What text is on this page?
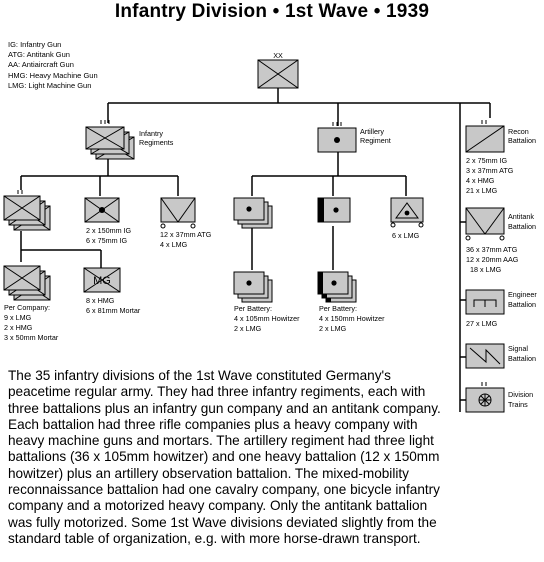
Infantry Division • 1st Wave • 1939
IG: Infantry Gun
ATG: Antitank Gun
AA: Antiaircraft Gun
HMG: Heavy Machine Gun
LMG: Light Machine Gun
XX
Infantry
Regiments
Artillery
Regiment
2 x 150mm IG
6 x 75mm IG
12 x 37mm ATG
4 x LMG
Per Company:
9 x LMG
2 x HMG
3 x 50mm Mortar
MG
8 x HMG
6 x 81mm Mortar	Per Battery:
4 x 105mm Howitzer
2 x LMG
Per Battery:
4 x 150mm Howitzer
2 x LMG
6 x LMG
Recon
Battalion
2 x 75mm IG
3 x 37mm ATG
4 x HMG
21 x LMG
Antitank
Battalion
36 x 37mm ATG
12 x 20mm AAG
18 x LMG
Engineer
Battalion
27 x LMG
Signal
Battalion
Division
Trains
The 35 infantry divisions of the 1st Wave constituted Germany's peacetime regular army. They had three infantry regiments, each with three battalions plus an infantry gun company and an antitank company. Each battalion had three rifle companies plus a heavy company with heavy machine guns and mortars. The artillery regiment had three light battalions (36 x 105mm howitzer) and one heavy battalion (12 x 150mm howitzer) plus an artillery observation battalion. The mixed-mobility reconnaissance battalion had one cavalry company, one bicycle infantry company and a motorized heavy company. Only the antitank battalion was fully motorized. Some 1st Wave divisions deviated slightly from the standard table of organization, e.g. with more horse-drawn transport.
